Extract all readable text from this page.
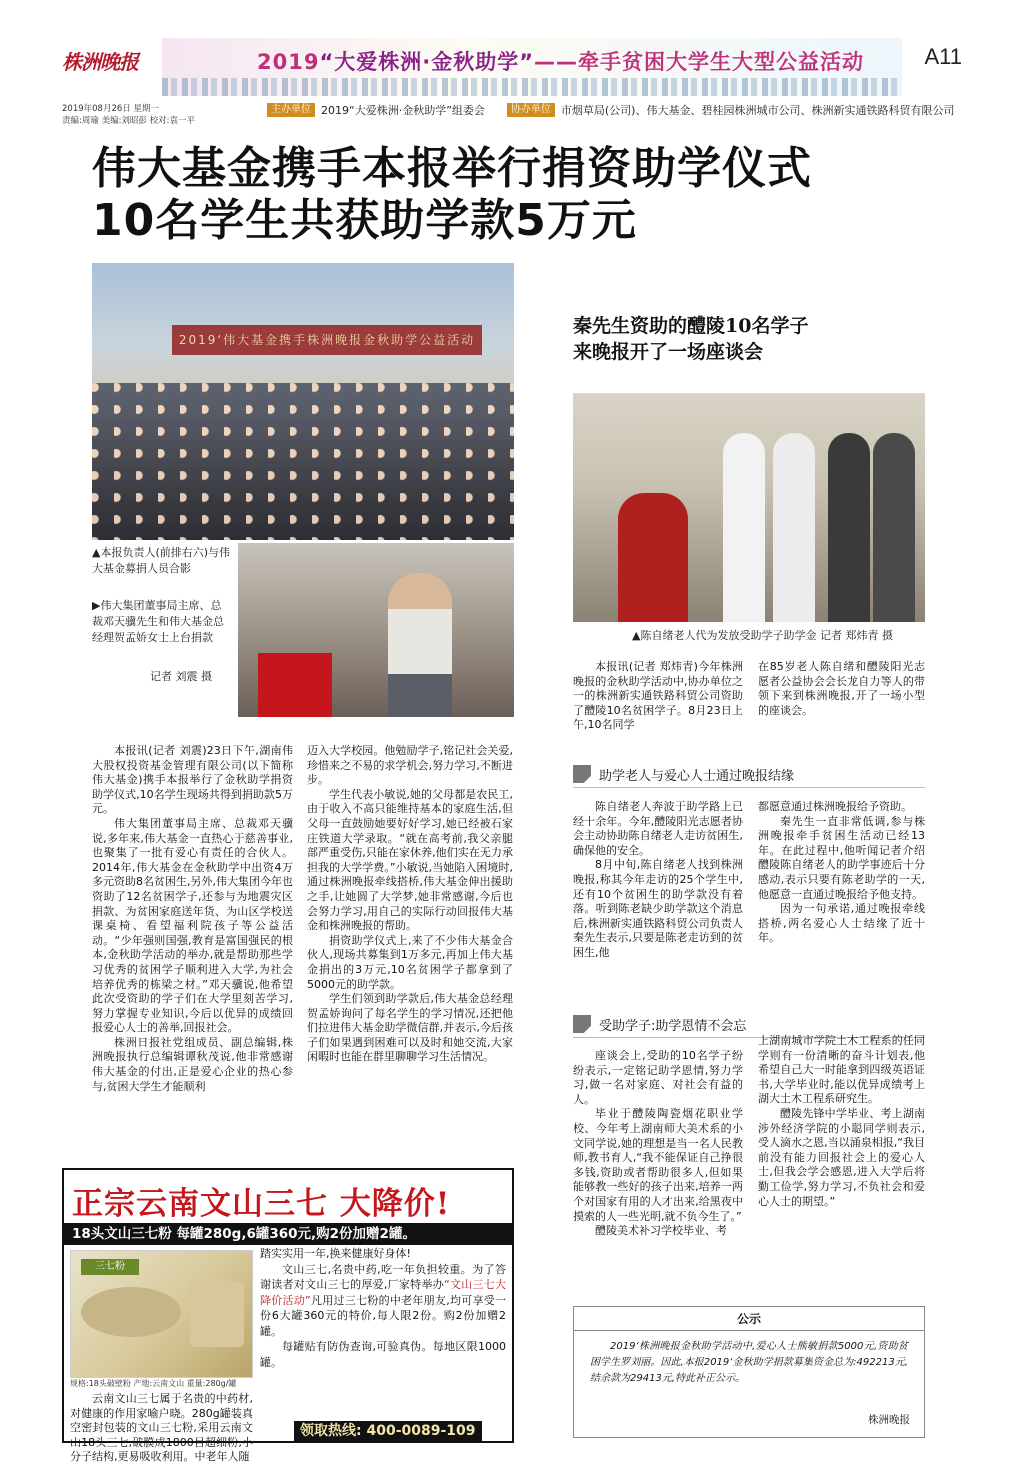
株洲晚报	2019“大爱株洲·金秋助学”——牵手贫困大学生大型公益活动	A11
2019年08月26日 星期一
责编:周瑜 美编:刘昭彭 校对:袁一平
主办单位 2019“大爱株洲·金秋助学”组委会	协办单位 市烟草局(公司)、伟大基金、碧桂园株洲城市公司、株洲新实通铁路科贸有限公司
伟大基金携手本报举行捐资助学仪式
10名学生共获助学款5万元
2019‘伟大基金携手株洲晚报金秋助学公益活动
▲本报负责人(前排右六)与伟大基金募捐人员合影
▶伟大集团董事局主席、总裁邓天骥先生和伟大基金总经理贺孟娇女士上台捐款
记者 刘震 摄

本报讯(记者 刘震)23日下午,湖南伟大股权投资基金管理有限公司(以下简称伟大基金)携手本报举行了金秋助学捐资助学仪式,10名学生现场共得到捐助款5万元。

伟大集团董事局主席、总裁邓天骥说,多年来,伟大基金一直热心于慈善事业,也聚集了一批有爱心有责任的合伙人。2014年,伟大基金在金秋助学中出资4万多元资助8名贫困生,另外,伟大集团今年也资助了12名贫困学子,还参与为地震灾区捐款、为贫困家庭送年货、为山区学校送课桌椅、看望福利院孩子等公益活动。“少年强则国强,教育是富国强民的根本,金秋助学活动的举办,就是帮助那些学习优秀的贫困学子顺利进入大学,为社会培养优秀的栋梁之材。”邓天骥说,他希望此次受资助的学子们在大学里刻苦学习,努力掌握专业知识,今后以优异的成绩回报爱心人士的善举,回报社会。

株洲日报社党组成员、副总编辑,株洲晚报执行总编辑谭秋茂说,他非常感谢伟大基金的付出,正是爱心企业的热心参与,贫困大学生才能顺利

迈入大学校园。他勉励学子,铭记社会关爱,珍惜来之不易的求学机会,努力学习,不断进步。

学生代表小敏说,她的父母都是农民工,由于收入不高只能维持基本的家庭生活,但父母一直鼓励她要好好学习,她已经被石家庄铁道大学录取。“就在高考前,我父亲腿部严重受伤,只能在家休养,他们实在无力承担我的大学学费。”小敏说,当她陷入困境时,通过株洲晚报牵线搭桥,伟大基金伸出援助之手,让她圆了大学梦,她非常感谢,今后也会努力学习,用自己的实际行动回报伟大基金和株洲晚报的帮助。

捐资助学仪式上,来了不少伟大基金合伙人,现场共募集到1万多元,再加上伟大基金捐出的3万元,10名贫困学子都拿到了5000元的助学款。

学生们领到助学款后,伟大基金总经理贺孟娇询问了每名学生的学习情况,还把他们拉进伟大基金助学微信群,并表示,今后孩子们如果遇到困难可以及时和她交流,大家闲暇时也能在群里聊聊学习生活情况。

秦先生资助的醴陵10名学子
来晚报开了一场座谈会
▲陈自绪老人代为发放受助学子助学金 记者 郑炜青 摄

本报讯(记者 郑炜青)今年株洲晚报的金秋助学活动中,协办单位之一的株洲新实通铁路科贸公司资助了醴陵10名贫困学子。8月23日上午,10名同学

在85岁老人陈自绪和醴陵阳光志愿者公益协会会长龙自力等人的带领下来到株洲晚报,开了一场小型的座谈会。

助学老人与爱心人士通过晚报结缘

陈自绪老人奔波于助学路上已经十余年。今年,醴陵阳光志愿者协会主动协助陈自绪老人走访贫困生,确保他的安全。

8月中旬,陈自绪老人找到株洲晚报,称其今年走访的25个学生中,还有10个贫困生的助学款没有着落。听到陈老缺少助学款这个消息后,株洲新实通铁路科贸公司负责人秦先生表示,只要是陈老走访到的贫困生,他

都愿意通过株洲晚报给予资助。

秦先生一直非常低调,参与株洲晚报牵手贫困生活动已经13年。在此过程中,他听闻记者介绍醴陵陈自绪老人的助学事迹后十分感动,表示只要有陈老助学的一天,他愿意一直通过晚报给予他支持。

因为一句承诺,通过晚报牵线搭桥,两名爱心人士结缘了近十年。

受助学子:助学恩情不会忘

座谈会上,受助的10名学子纷纷表示,一定铭记助学恩情,努力学习,做一名对家庭、对社会有益的人。

毕业于醴陵陶瓷烟花职业学校、今年考上湖南师大美术系的小文同学说,她的理想是当一名人民教师,教书育人,“我不能保证自己挣很多钱,资助或者帮助很多人,但如果能够教一些好的孩子出来,培养一两个对国家有用的人才出来,给黑夜中摸索的人一些光明,就不负今生了。”

醴陵美术补习学校毕业、考

上湖南城市学院土木工程系的任同学则有一份清晰的奋斗计划表,他希望自己大一时能拿到四级英语证书,大学毕业时,能以优异成绩考上湖大土木工程系研究生。

醴陵先锋中学毕业、考上湖南涉外经济学院的小聪同学则表示,受人滴水之恩,当以涌泉相报,“我目前没有能力回报社会上的爱心人士,但我会学会感恩,进入大学后将勤工俭学,努力学习,不负社会和爱心人士的期望。”

公示
2019‘株洲晚报金秋助学活动中,爱心人士熊敏捐款5000元,资助贫困学生罗刘丽。因此,本报2019‘金秋助学捐款募集资金总为:492213元,结余款为29413元,特此补正公示。
株洲晚报
正宗云南文山三七 大降价!
18头文山三七粉 每罐280g,6罐360元,购2份加赠2罐。
三七粉
规格:18头破壁粉 产地:云南文山 重量:280g/罐
云南文山三七属于名贵的中药材,对健康的作用家喻户晓。280g罐装真空密封包装的文山三七粉,采用云南文山18头三七,破膜成1800目超细粉,小分子结构,更易吸收利用。中老年人随
踏实实用一年,换来健康好身体!
文山三七,名贵中药,吃一年负担较重。为了答谢读者对文山三七的厚爱,厂家特举办“文山三七大降价活动”凡用过三七粉的中老年朋友,均可享受一份6大罐360元的特价,每人限2份。购2份加赠2罐。
每罐贴有防伪查询,可验真伪。每地区限1000罐。
领取热线: 400-0089-109
